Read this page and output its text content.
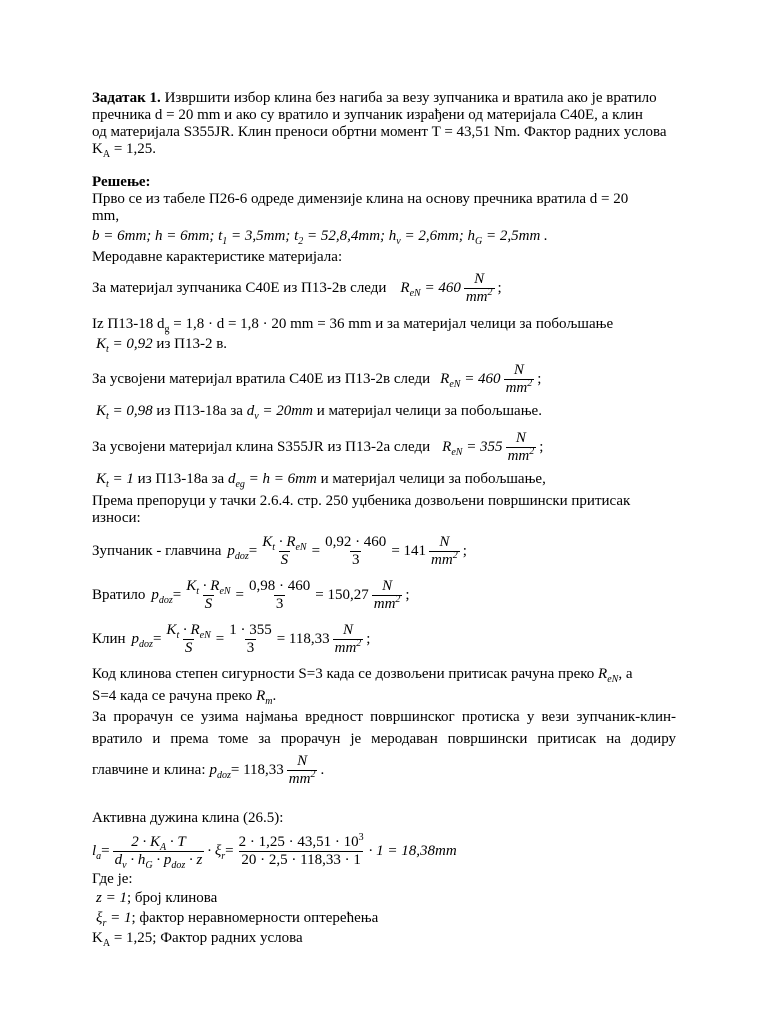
Задатак 1. Извршити избор клина без нагиба за везу зупчаника и вратила ако је вратило
пречника d = 20 mm и ако су вратило и зупчаник израђени од материјала C40E, а клин
од материјала S355JR. Клин преноси обртни момент T = 43,51 Nm. Фактор радних услова
$K_A = 1,25$.
Решење:
Прво се из табеле П26-6 одреде димензије клина на основу пречника вратила d = 20
mm,
b = 6mm; h = 6mm; $t_1 = 3,5mm$; $t_2 = 52,8,4mm$; $h_v = 2,6mm$; $h_G = 2,5mm$ .
Меродавне карактеристике материјала:
За материјал зупчаника C40E из П13-2в следи $R_{eN} = 460 \frac{N}{mm^2}$ ;
Iz П13-18 $d_g = 1,8 \cdot d = 1,8 \cdot 20$ mm = 36 mm и за материјал челици за побољшање
$K_t = 0,92$ из П13-2 в.
За усвојени материјал вратила C40E из П13-2в следи $R_{eN} = 460 \frac{N}{mm^2}$ ;
$K_t = 0,98$ из П13-18а за $d_v = 20mm$ и материјал челици за побољшање.
За усвојени материјал клина S355JR из П13-2а следи $R_{eN} = 355 \frac{N}{mm^2}$ ;
$K_t = 1$ из П13-18а за $d_{eg} = h = 6mm$ и материјал челици за побољшање,
Према препоруци у тачки 2.6.4. стр. 250 уџбеника дозвољени површински притисак
износи:
Зупчаник - главчина $p_{doz} = \frac{K_t \cdot R_{eN}}{S} = \frac{0,92 \cdot 460}{3} = 141 \frac{N}{mm^2}$ ;
Вратило $p_{doz} = \frac{K_t \cdot R_{eN}}{S} = \frac{0,98 \cdot 460}{3} = 150,27 \frac{N}{mm^2}$ ;
Клин $p_{doz} = \frac{K_t \cdot R_{eN}}{S} = \frac{1 \cdot 355}{3} = 118,33 \frac{N}{mm^2}$ ;
Код клинова степен сигурности S=3 када се дозвољени притисак рачуна преко $R_{eN}$, а
S=4 када се рачуна преко $R_m$.
За прорачун се узима најмања вредност површинског протиска у вези зупчаник-клин-
вратило и према томе за прорачун је меродаван површински притисак на додиру
главчине и клина: $p_{doz} = 118,33 \frac{N}{mm^2}$ .
Активна дужина клина (26.5):
$l_a = \frac{2 \cdot K_A \cdot T}{d_v \cdot h_G \cdot p_{doz} \cdot z} \cdot \xi_r = \frac{2 \cdot 1,25 \cdot 43,51 \cdot 10^3}{20 \cdot 2,5 \cdot 118,33 \cdot 1} \cdot 1 = 18,38mm$
Где је:
z = 1; број клинова
$\xi_r = 1$; фактор неравномерности оптерећења
$K_A = 1,25$; Фактор радних услова
